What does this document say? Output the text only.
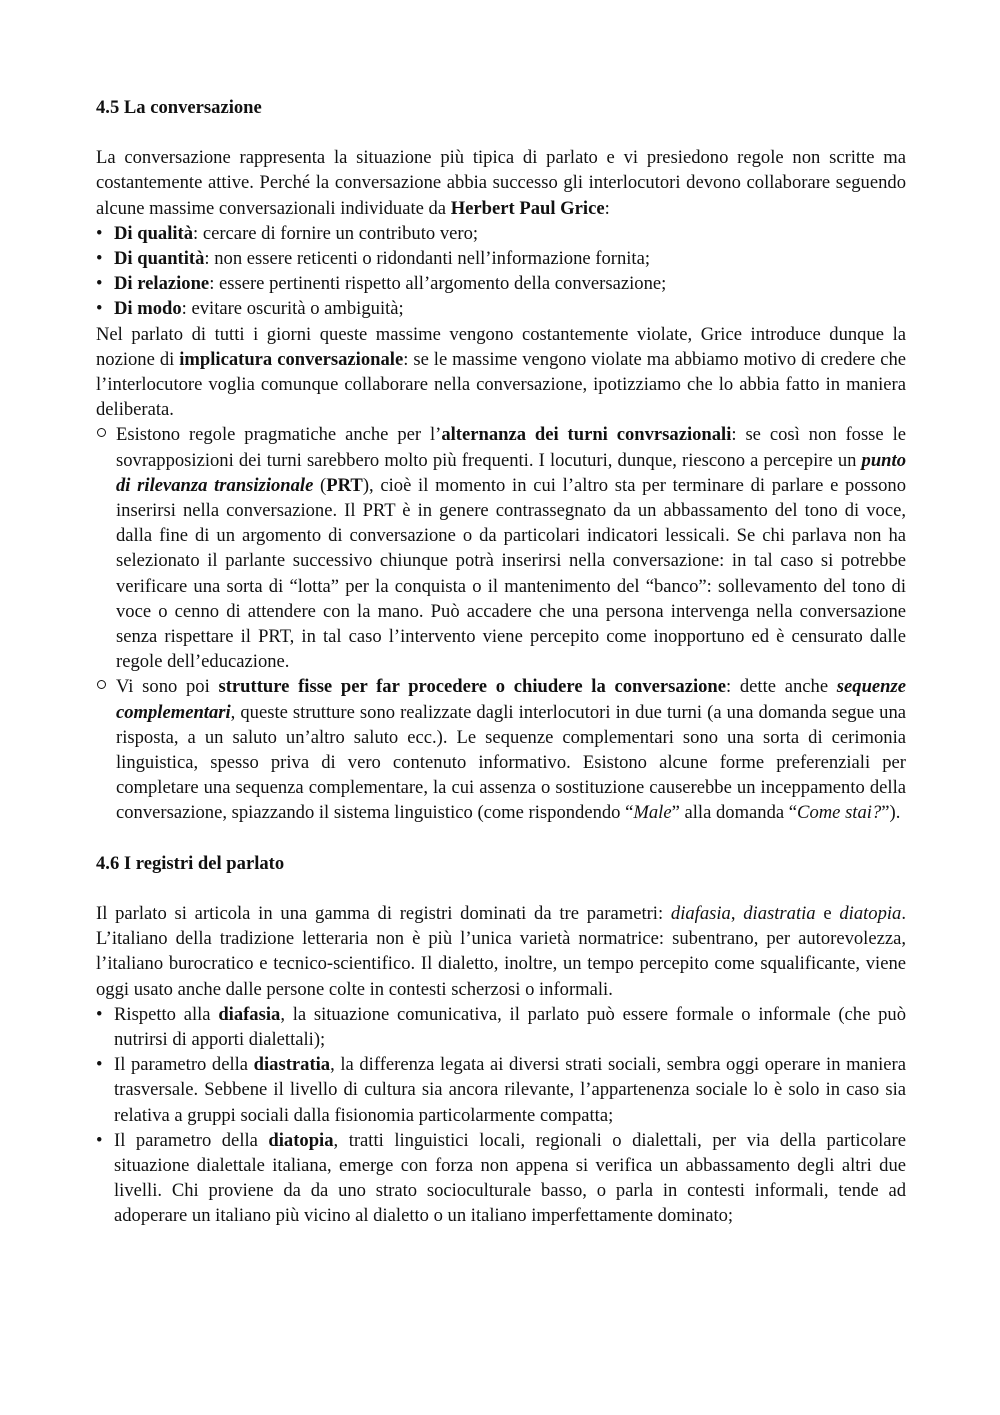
4.5 La conversazione

La conversazione rappresenta la situazione più tipica di parlato e vi presiedono regole non scritte ma costantemente attive. Perché la conversazione abbia successo gli interlocutori devono collaborare seguendo alcune massime conversazionali individuate da Herbert Paul Grice:

• Di qualità: cercare di fornire un contributo vero;
• Di quantità: non essere reticenti o ridondanti nell’informazione fornita;
• Di relazione: essere pertinenti rispetto all’argomento della conversazione;
• Di modo: evitare oscurità o ambiguità;

Nel parlato di tutti i giorni queste massime vengono costantemente violate, Grice introduce dunque la nozione di implicatura conversazionale: se le massime vengono violate ma abbiamo motivo di credere che l’interlocutore voglia comunque collaborare nella conversazione, ipotizziamo che lo abbia fatto in maniera deliberata.

Esistono regole pragmatiche anche per l’alternanza dei turni convrsazionali: se così non fosse le sovrapposizioni dei turni sarebbero molto più frequenti. I locuturi, dunque, riescono a percepire un punto di rilevanza transizionale (PRT), cioè il momento in cui l’altro sta per terminare di parlare e possono inserirsi nella conversazione. Il PRT è in genere contrassegnato da un abbassamento del tono di voce, dalla fine di un argomento di conversazione o da particolari indicatori lessicali. Se chi parlava non ha selezionato il parlante successivo chiunque potrà inserirsi nella conversazione: in tal caso si potrebbe verificare una sorta di “lotta” per la conquista o il mantenimento del “banco”: sollevamento del tono di voce o cenno di attendere con la mano. Può accadere che una persona intervenga nella conversazione senza rispettare il PRT, in tal caso l’intervento viene percepito come inopportuno ed è censurato dalle regole dell’educazione.
Vi sono poi strutture fisse per far procedere o chiudere la conversazione: dette anche sequenze complementari, queste strutture sono realizzate dagli interlocutori in due turni (a una domanda segue una risposta, a un saluto un’altro saluto ecc.). Le sequenze complementari sono una sorta di cerimonia linguistica, spesso priva di vero contenuto informativo. Esistono alcune forme preferenziali per completare una sequenza complementare, la cui assenza o sostituzione causerebbe un inceppamento della conversazione, spiazzando il sistema linguistico (come rispondendo “Male” alla domanda “Come stai?”).
4.6 I registri del parlato

Il parlato si articola in una gamma di registri dominati da tre parametri: diafasia, diastratia e diatopia. L’italiano della tradizione letteraria non è più l’unica varietà normatrice: subentrano, per autorevolezza, l’italiano burocratico e tecnico-scientifico. Il dialetto, inoltre, un tempo percepito come squalificante, viene oggi usato anche dalle persone colte in contesti scherzosi o informali.

• Rispetto alla diafasia, la situazione comunicativa, il parlato può essere formale o informale (che può nutrirsi di apporti dialettali);
• Il parametro della diastratia, la differenza legata ai diversi strati sociali, sembra oggi operare in maniera trasversale. Sebbene il livello di cultura sia ancora rilevante, l’appartenenza sociale lo è solo in caso sia relativa a gruppi sociali dalla fisionomia particolarmente compatta;
• Il parametro della diatopia, tratti linguistici locali, regionali o dialettali, per via della particolare situazione dialettale italiana, emerge con forza non appena si verifica un abbassamento degli altri due livelli. Chi proviene da da uno strato socioculturale basso, o parla in contesti informali, tende ad adoperare un italiano più vicino al dialetto o un italiano imperfettamente dominato;
